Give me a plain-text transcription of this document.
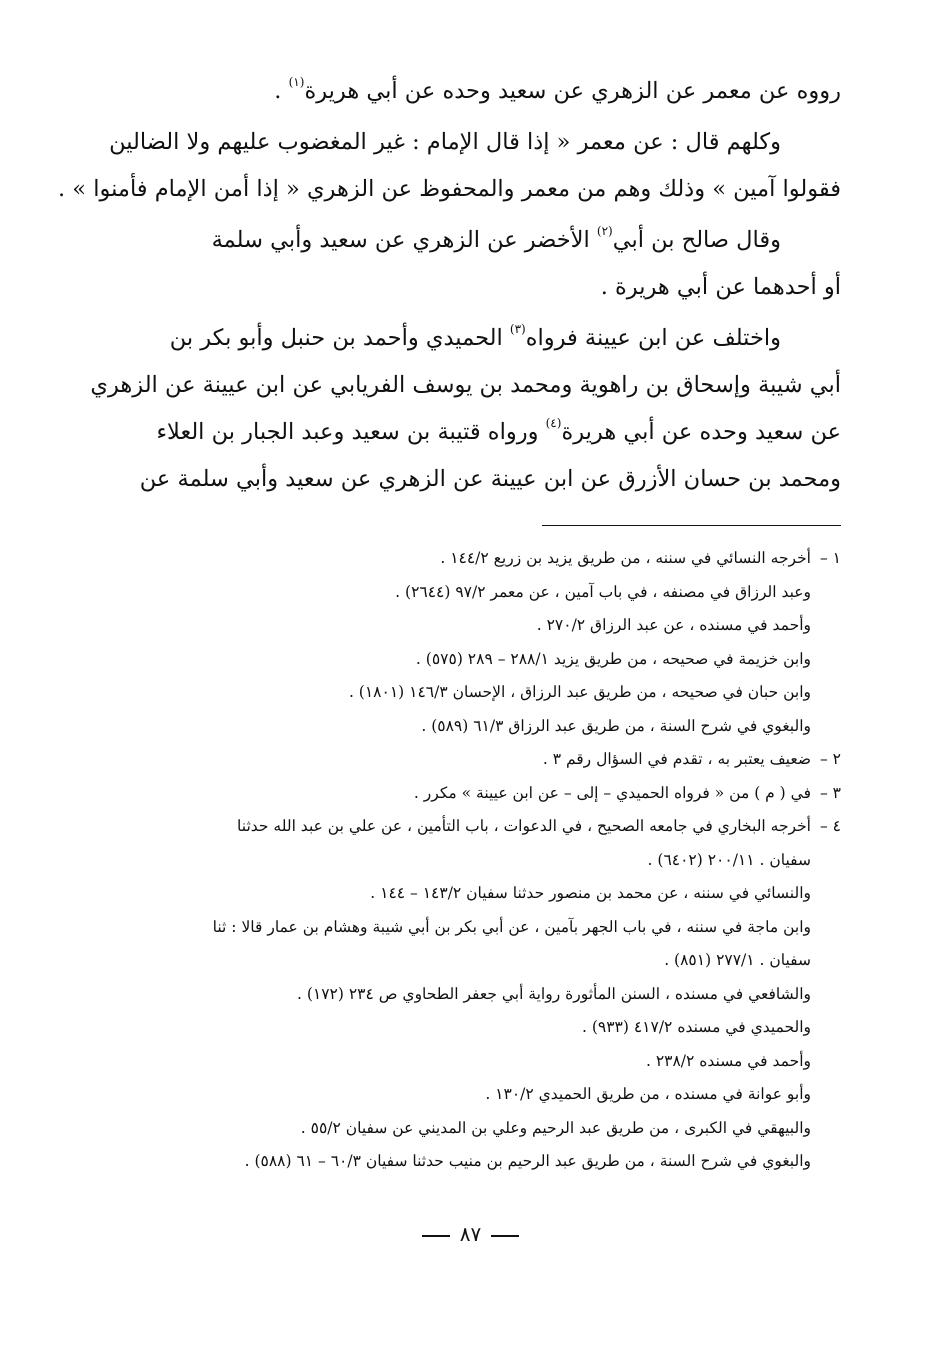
رووه عن معمر عن الزهري عن سعيد وحده عن أبي هريرة$^{(١)}$ .

وكلهم قال : عن معمر « إذا قال الإمام : غير المغضوب عليهم ولا الضالين

فقولوا آمين » وذلك وهم من معمر والمحفوظ عن الزهري « إذا أمن الإمام فأمنوا » .

وقال صالح بن أبي$^{(٢)}$ الأخضر عن الزهري عن سعيد وأبي سلمة

أو أحدهما عن أبي هريرة .

واختلف عن ابن عيينة فرواه$^{(٣)}$ الحميدي وأحمد بن حنبل وأبو بكر بن

أبي شيبة وإسحاق بن راهوية ومحمد بن يوسف الفريابي عن ابن عيينة عن الزهري

عن سعيد وحده عن أبي هريرة$^{(٤)}$ ورواه قتيبة بن سعيد وعبد الجبار بن العلاء

ومحمد بن حسان الأزرق عن ابن عيينة عن الزهري عن سعيد وأبي سلمة عن

١ –
أخرجه النسائي في سننه ، من طريق يزيد بن زريع ١٤٤/٢ .
وعبد الرزاق في مصنفه ، في باب آمين ، عن معمر ٩٧/٢ (٢٦٤٤) .
وأحمد في مسنده ، عن عبد الرزاق ٢٧٠/٢ .
وابن خزيمة في صحيحه ، من طريق يزيد ٢٨٨/١ – ٢٨٩ (٥٧٥) .
وابن حبان في صحيحه ، من طريق عبد الرزاق ، الإحسان ١٤٦/٣ (١٨٠١) .
والبغوي في شرح السنة ، من طريق عبد الرزاق ٦١/٣ (٥٨٩) .
٢ –
ضعيف يعتبر به ، تقدم في السؤال رقم ٣ .
٣ –
في ( م ) من « فرواه الحميدي – إلى – عن ابن عيينة » مكرر .
٤ –
أخرجه البخاري في جامعه الصحيح ، في الدعوات ، باب التأمين ، عن علي بن عبد الله حدثنا
سفيان . ٢٠٠/١١ (٦٤٠٢) .
والنسائي في سننه ، عن محمد بن منصور حدثنا سفيان ١٤٣/٢ – ١٤٤ .
وابن ماجة في سننه ، في باب الجهر بآمين ، عن أبي بكر بن أبي شيبة وهشام بن عمار قالا : ثنا
سفيان . ٢٧٧/١ (٨٥١) .
والشافعي في مسنده ، السنن المأثورة رواية أبي جعفر الطحاوي ص ٢٣٤ (١٧٢) .
والحميدي في مسنده ٤١٧/٢ (٩٣٣) .
وأحمد في مسنده ٢٣٨/٢ .
وأبو عوانة في مسنده ، من طريق الحميدي ١٣٠/٢ .
والبيهقي في الكبرى ، من طريق عبد الرحيم وعلي بن المديني عن سفيان ٥٥/٢ .
والبغوي في شرح السنة ، من طريق عبد الرحيم بن منيب حدثنا سفيان ٦٠/٣ – ٦١ (٥٨٨) .
٨٧
